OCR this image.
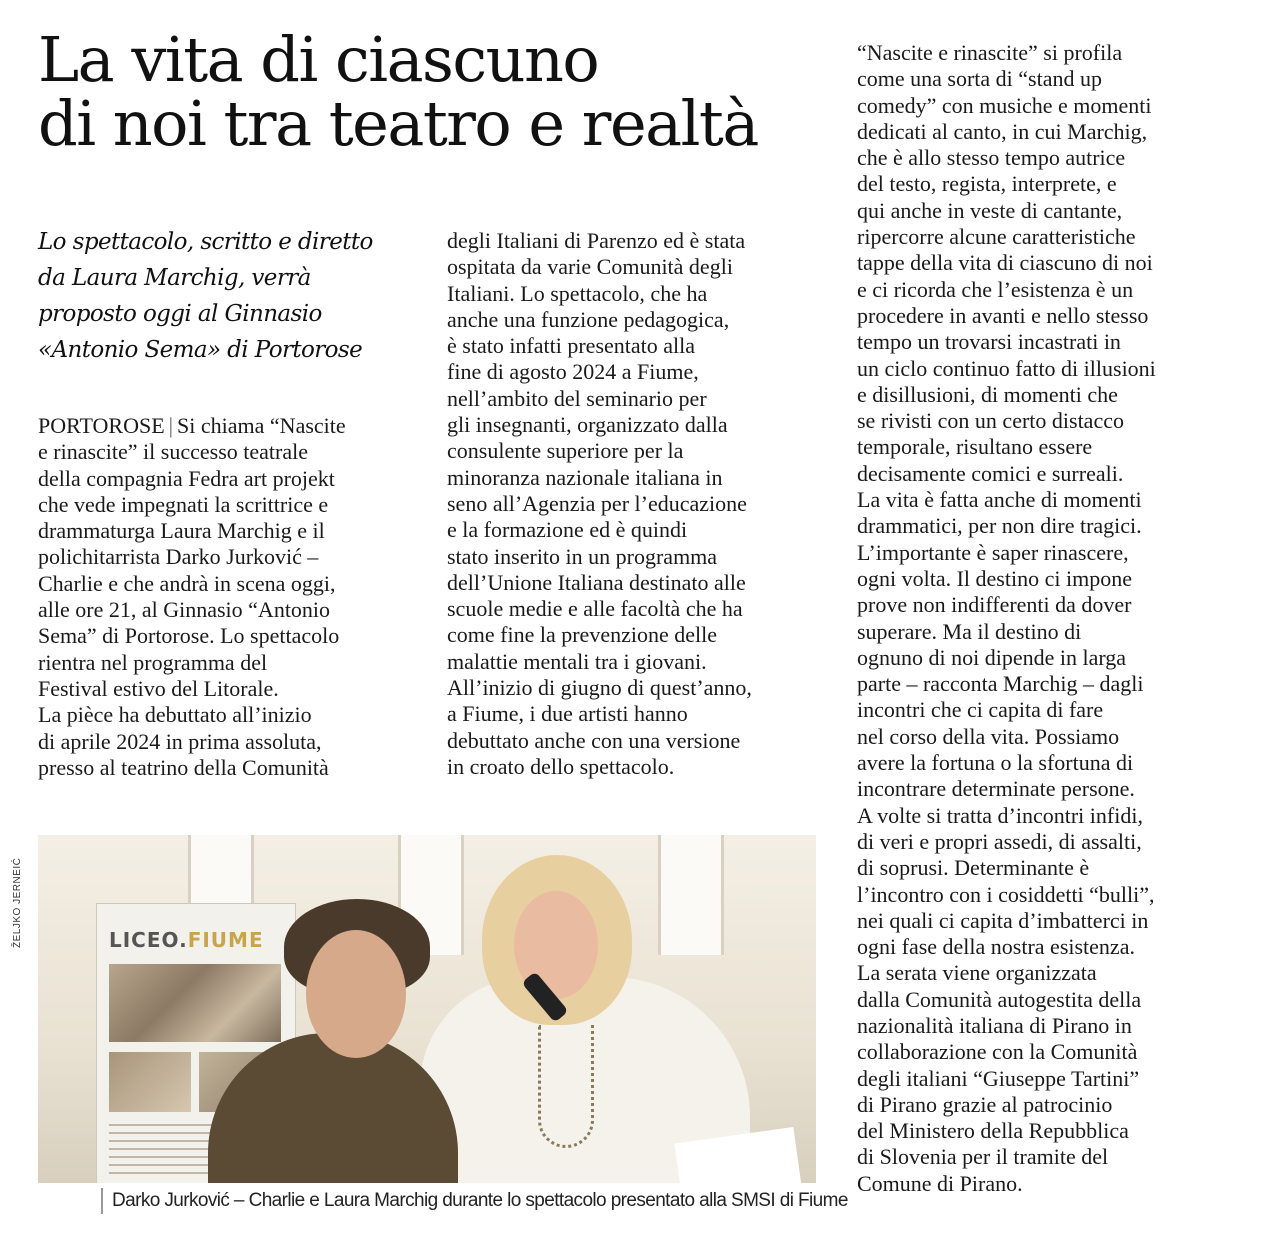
La vita di ciascuno
di noi tra teatro e realtà

Lo spettacolo, scritto e diretto
da Laura Marchig, verrà
proposto oggi al Ginnasio
«Antonio Sema» di Portorose

PORTOROSE | Si chiama “Nascite
e rinascite” il successo teatrale
della compagnia Fedra art projekt
che vede impegnati la scrittrice e
drammaturga Laura Marchig e il
polichitarrista Darko Jurković –
Charlie e che andrà in scena oggi,
alle ore 21, al Ginnasio “Antonio
Sema” di Portorose. Lo spettacolo
rientra nel programma del
Festival estivo del Litorale.
La pièce ha debuttato all’inizio
di aprile 2024 in prima assoluta,
presso al teatrino della Comunità
degli Italiani di Parenzo ed è stata
ospitata da varie Comunità degli
Italiani. Lo spettacolo, che ha
anche una funzione pedagogica,
è stato infatti presentato alla
fine di agosto 2024 a Fiume,
nell’ambito del seminario per
gli insegnanti, organizzato dalla
consulente superiore per la
minoranza nazionale italiana in
seno all’Agenzia per l’educazione
e la formazione ed è quindi
stato inserito in un programma
dell’Unione Italiana destinato alle
scuole medie e alle facoltà che ha
come fine la prevenzione delle
malattie mentali tra i giovani.
All’inizio di giugno di quest’anno,
a Fiume, i due artisti hanno
debuttato anche con una versione
in croato dello spettacolo.
“Nascite e rinascite” si profila
come una sorta di “stand up
comedy” con musiche e momenti
dedicati al canto, in cui Marchig,
che è allo stesso tempo autrice
del testo, regista, interprete, e
qui anche in veste di cantante,
ripercorre alcune caratteristiche
tappe della vita di ciascuno di noi
e ci ricorda che l’esistenza è un
procedere in avanti e nello stesso
tempo un trovarsi incastrati in
un ciclo continuo fatto di illusioni
e disillusioni, di momenti che
se rivisti con un certo distacco
temporale, risultano essere
decisamente comici e surreali.
La vita è fatta anche di momenti
drammatici, per non dire tragici.
L’importante è saper rinascere,
ogni volta. Il destino ci impone
prove non indifferenti da dover
superare. Ma il destino di
ognuno di noi dipende in larga
parte – racconta Marchig – dagli
incontri che ci capita di fare
nel corso della vita. Possiamo
avere la fortuna o la sfortuna di
incontrare determinate persone.
A volte si tratta d’incontri infidi,
di veri e propri assedi, di assalti,
di soprusi. Determinante è
l’incontro con i cosiddetti “bulli”,
nei quali ci capita d’imbatterci in
ogni fase della nostra esistenza.
La serata viene organizzata
dalla Comunità autogestita della
nazionalità italiana di Pirano in
collaborazione con la Comunità
degli italiani “Giuseppe Tartini”
di Pirano grazie al patrocinio
del Ministero della Repubblica
di Slovenia per il tramite del
Comune di Pirano.
ŽELJKO JERNEIĆ	LICEO.FIUME
Darko Jurković – Charlie e Laura Marchig durante lo spettacolo presentato alla SMSI di Fiume
